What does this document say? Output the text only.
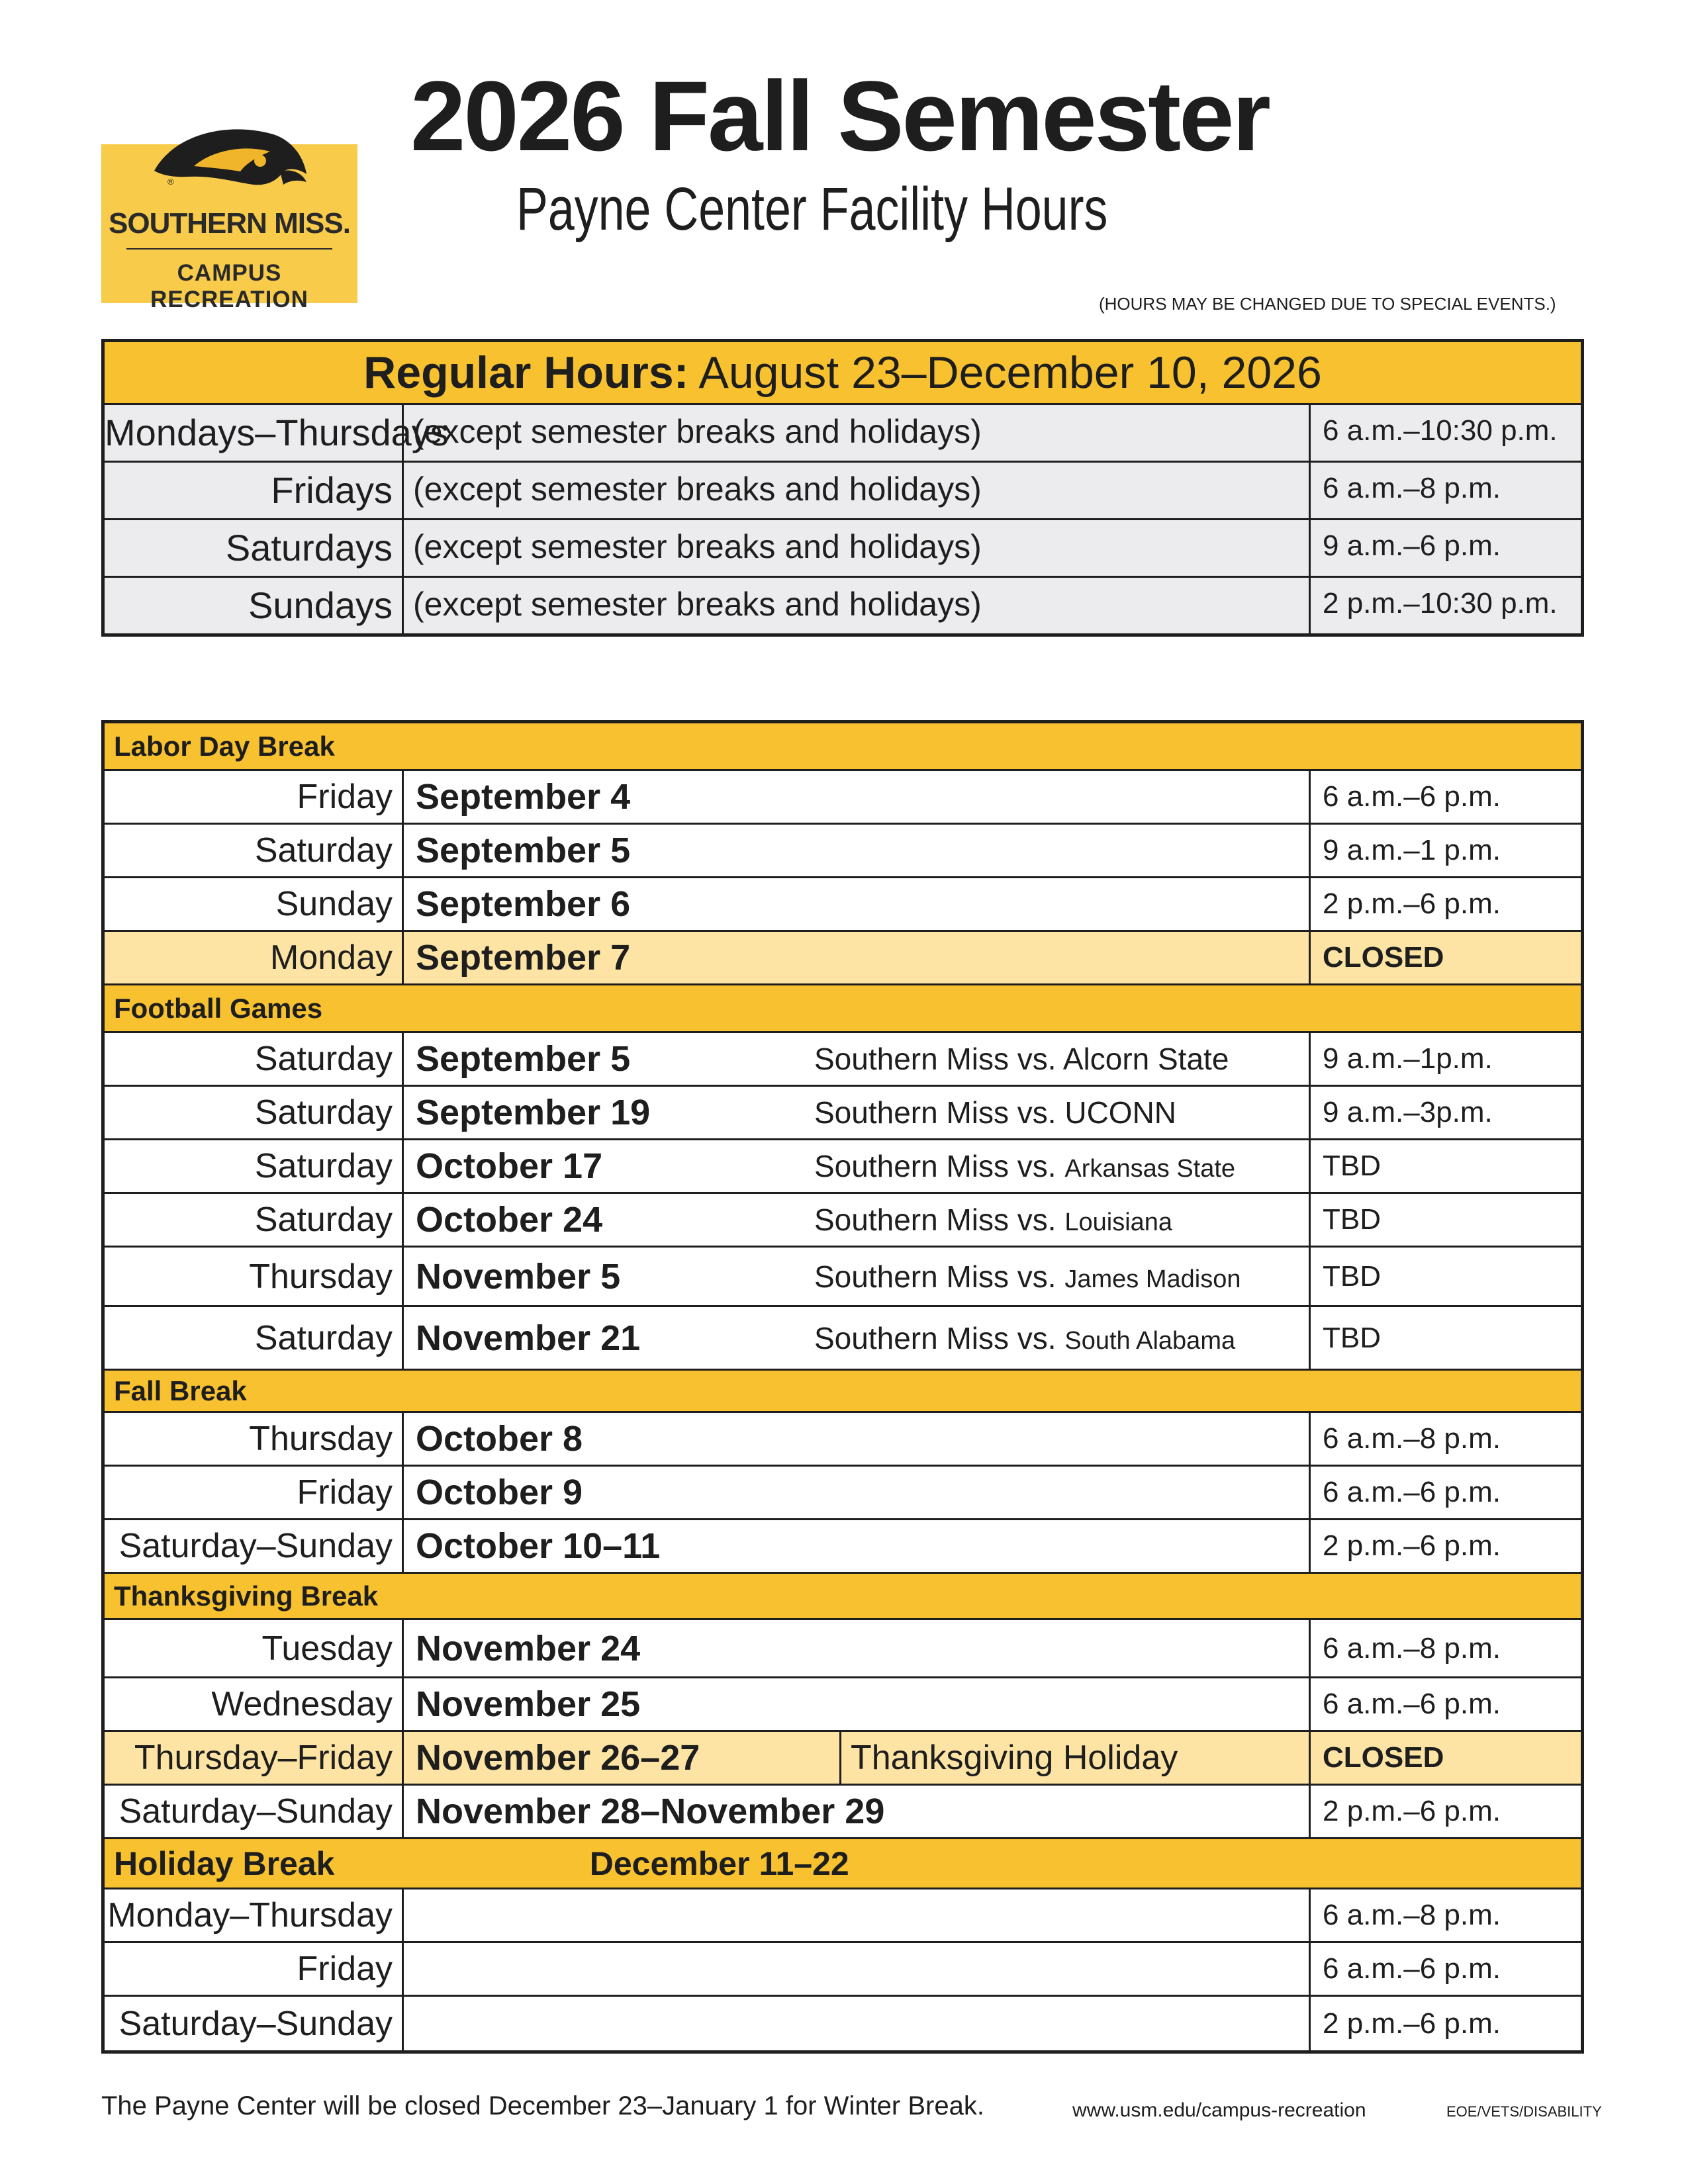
®
SOUTHERN MISS.
CAMPUS RECREATION
2026 Fall Semester
Payne Center Facility Hours
(HOURS MAY BE CHANGED DUE TO SPECIAL EVENTS.)
Regular Hours: August 23–December 10, 2026
Mondays–Thursdays
(except semester breaks and holidays)	6 a.m.–10:30 p.m.
Fridays (except semester breaks and holidays)	6 a.m.–8 p.m.
Saturdays (except semester breaks and holidays)	9 a.m.–6 p.m.
Sundays (except semester breaks and holidays)	2 p.m.–10:30 p.m.
Labor Day Break
Friday September 4	6 a.m.–6 p.m.
Saturday September 5	9 a.m.–1 p.m.
Sunday September 6	2 p.m.–6 p.m.
Monday September 7	CLOSED
Football Games
Saturday September 5	Southern Miss vs. Alcorn State	9 a.m.–1p.m.
Saturday September 19	Southern Miss vs. UCONN	9 a.m.–3p.m.
Saturday October 17	Southern Miss vs. Arkansas State	TBD
Saturday October 24	Southern Miss vs. Louisiana	TBD
Thursday November 5	Southern Miss vs. James Madison	TBD
Saturday November 21	Southern Miss vs. South Alabama	TBD
Fall Break
Thursday October 8	6 a.m.–8 p.m.
Friday October 9	6 a.m.–6 p.m.
Saturday–Sunday October 10–11	2 p.m.–6 p.m.
Thanksgiving Break
Tuesday November 24	6 a.m.–8 p.m.
Wednesday November 25	6 a.m.–6 p.m.
Thursday–Friday November 26–27	Thanksgiving Holiday	CLOSED
Saturday–Sunday November 28–November 29	2 p.m.–6 p.m.
Holiday Break	December 11–22
Monday–Thursday	6 a.m.–8 p.m.
Friday	6 a.m.–6 p.m.
Saturday–Sunday	2 p.m.–6 p.m.
The Payne Center will be closed December 23–January 1 for Winter Break.	www.usm.edu/campus-recreation	EOE/VETS/DISABILITY
